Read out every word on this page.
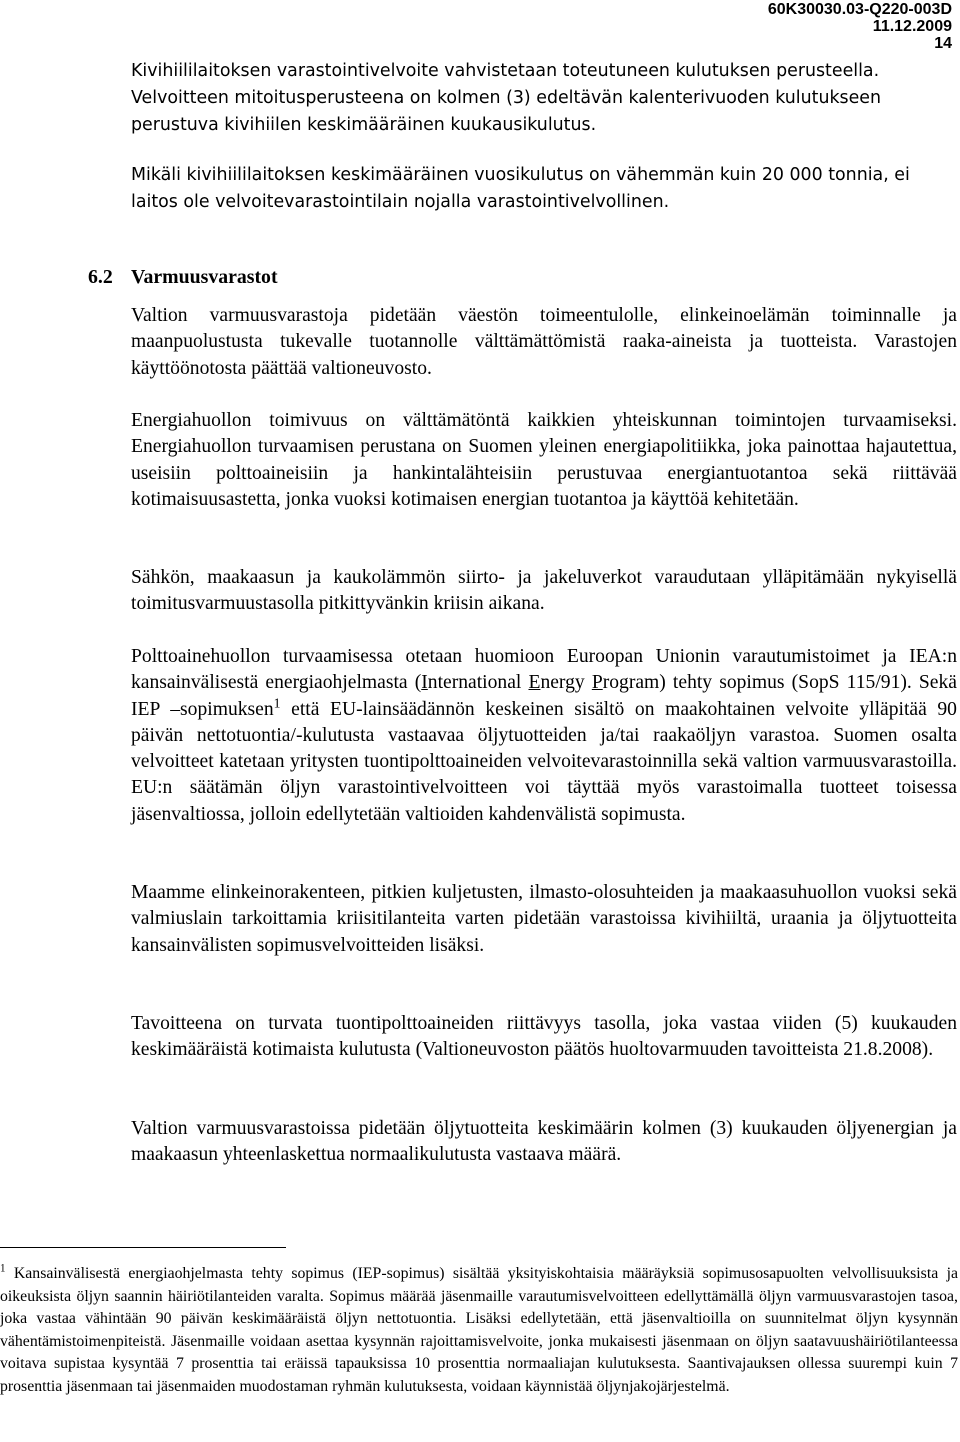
60K30030.03-Q220-003D
11.12.2009
14

Kivihiililaitoksen varastointivelvoite vahvistetaan toteutuneen kulutuksen perusteella. Velvoitteen mitoitusperusteena on kolmen (3) edeltävän kalenterivuoden kulutukseen perustuva kivihiilen keskimääräinen kuukausikulutus.

Mikäli kivihiililaitoksen keskimääräinen vuosikulutus on vähemmän kuin 20 000 tonnia, ei laitos ole velvoitevarastointilain nojalla varastointivelvollinen.

6.2 Varmuusvarastot

Valtion varmuusvarastoja pidetään väestön toimeentulolle, elinkeinoelämän toiminnalle ja maanpuolustusta tukevalle tuotannolle välttämättömistä raaka-aineista ja tuotteista. Varastojen käyttöönotosta päättää valtioneuvosto.

Energiahuollon toimivuus on välttämätöntä kaikkien yhteiskunnan toimintojen turvaamiseksi. Energiahuollon turvaamisen perustana on Suomen yleinen energiapolitiikka, joka painottaa hajautettua, useisiin polttoaineisiin ja hankintalähteisiin perustuvaa energiantuotantoa sekä riittävää kotimaisuusastetta, jonka vuoksi kotimaisen energian tuotantoa ja käyttöä kehitetään.

Sähkön, maakaasun ja kaukolämmön siirto- ja jakeluverkot varaudutaan ylläpitämään nykyisellä toimitusvarmuustasolla pitkittyvänkin kriisin aikana.

Polttoainehuollon turvaamisessa otetaan huomioon Euroopan Unionin varautumistoimet ja IEA:n kansainvälisestä energiaohjelmasta (International Energy Program) tehty sopimus (SopS 115/91). Sekä IEP –sopimuksen$^1$ että EU-lainsäädännön keskeinen sisältö on maakohtainen velvoite ylläpitää 90 päivän nettotuontia/-kulutusta vastaavaa öljytuotteiden ja/tai raakaöljyn varastoa. Suomen osalta velvoitteet katetaan yritysten tuontipolttoaineiden velvoitevarastoinnilla sekä valtion varmuusvarastoilla. EU:n säätämän öljyn varastointivelvoitteen voi täyttää myös varastoimalla tuotteet toisessa jäsenvaltiossa, jolloin edellytetään valtioiden kahdenvälistä sopimusta.

Maamme elinkeinorakenteen, pitkien kuljetusten, ilmasto-olosuhteiden ja maakaasuhuollon vuoksi sekä valmiuslain tarkoittamia kriisitilanteita varten pidetään varastoissa kivihiiltä, uraania ja öljytuotteita kansainvälisten sopimusvelvoitteiden lisäksi.

Tavoitteena on turvata tuontipolttoaineiden riittävyys tasolla, joka vastaa viiden (5) kuukauden keskimääräistä kotimaista kulutusta (Valtioneuvoston päätös huoltovarmuuden tavoitteista 21.8.2008).

Valtion varmuusvarastoissa pidetään öljytuotteita keskimäärin kolmen (3) kuukauden öljyenergian ja maakaasun yhteenlaskettua normaalikulutusta vastaava määrä.

$^1$ Kansainvälisestä energiaohjelmasta tehty sopimus (IEP-sopimus) sisältää yksityiskohtaisia määräyksiä sopimusosapuolten velvollisuuksista ja oikeuksista öljyn saannin häiriötilanteiden varalta. Sopimus määrää jäsenmaille varautumisvelvoitteen edellyttämällä öljyn varmuusvarastojen tasoa, joka vastaa vähintään 90 päivän keskimääräistä öljyn nettotuontia. Lisäksi edellytetään, että jäsenvaltioilla on suunnitelmat öljyn kysynnän vähentämistoimenpiteistä. Jäsenmaille voidaan asettaa kysynnän rajoittamisvelvoite, jonka mukaisesti jäsenmaan on öljyn saatavuushäiriötilanteessa voitava supistaa kysyntää 7 prosenttia tai eräissä tapauksissa 10 prosenttia normaaliajan kulutuksesta. Saantivajauksen ollessa suurempi kuin 7 prosenttia jäsenmaan tai jäsenmaiden muodostaman ryhmän kulutuksesta, voidaan käynnistää öljynjakojärjestelmä.
